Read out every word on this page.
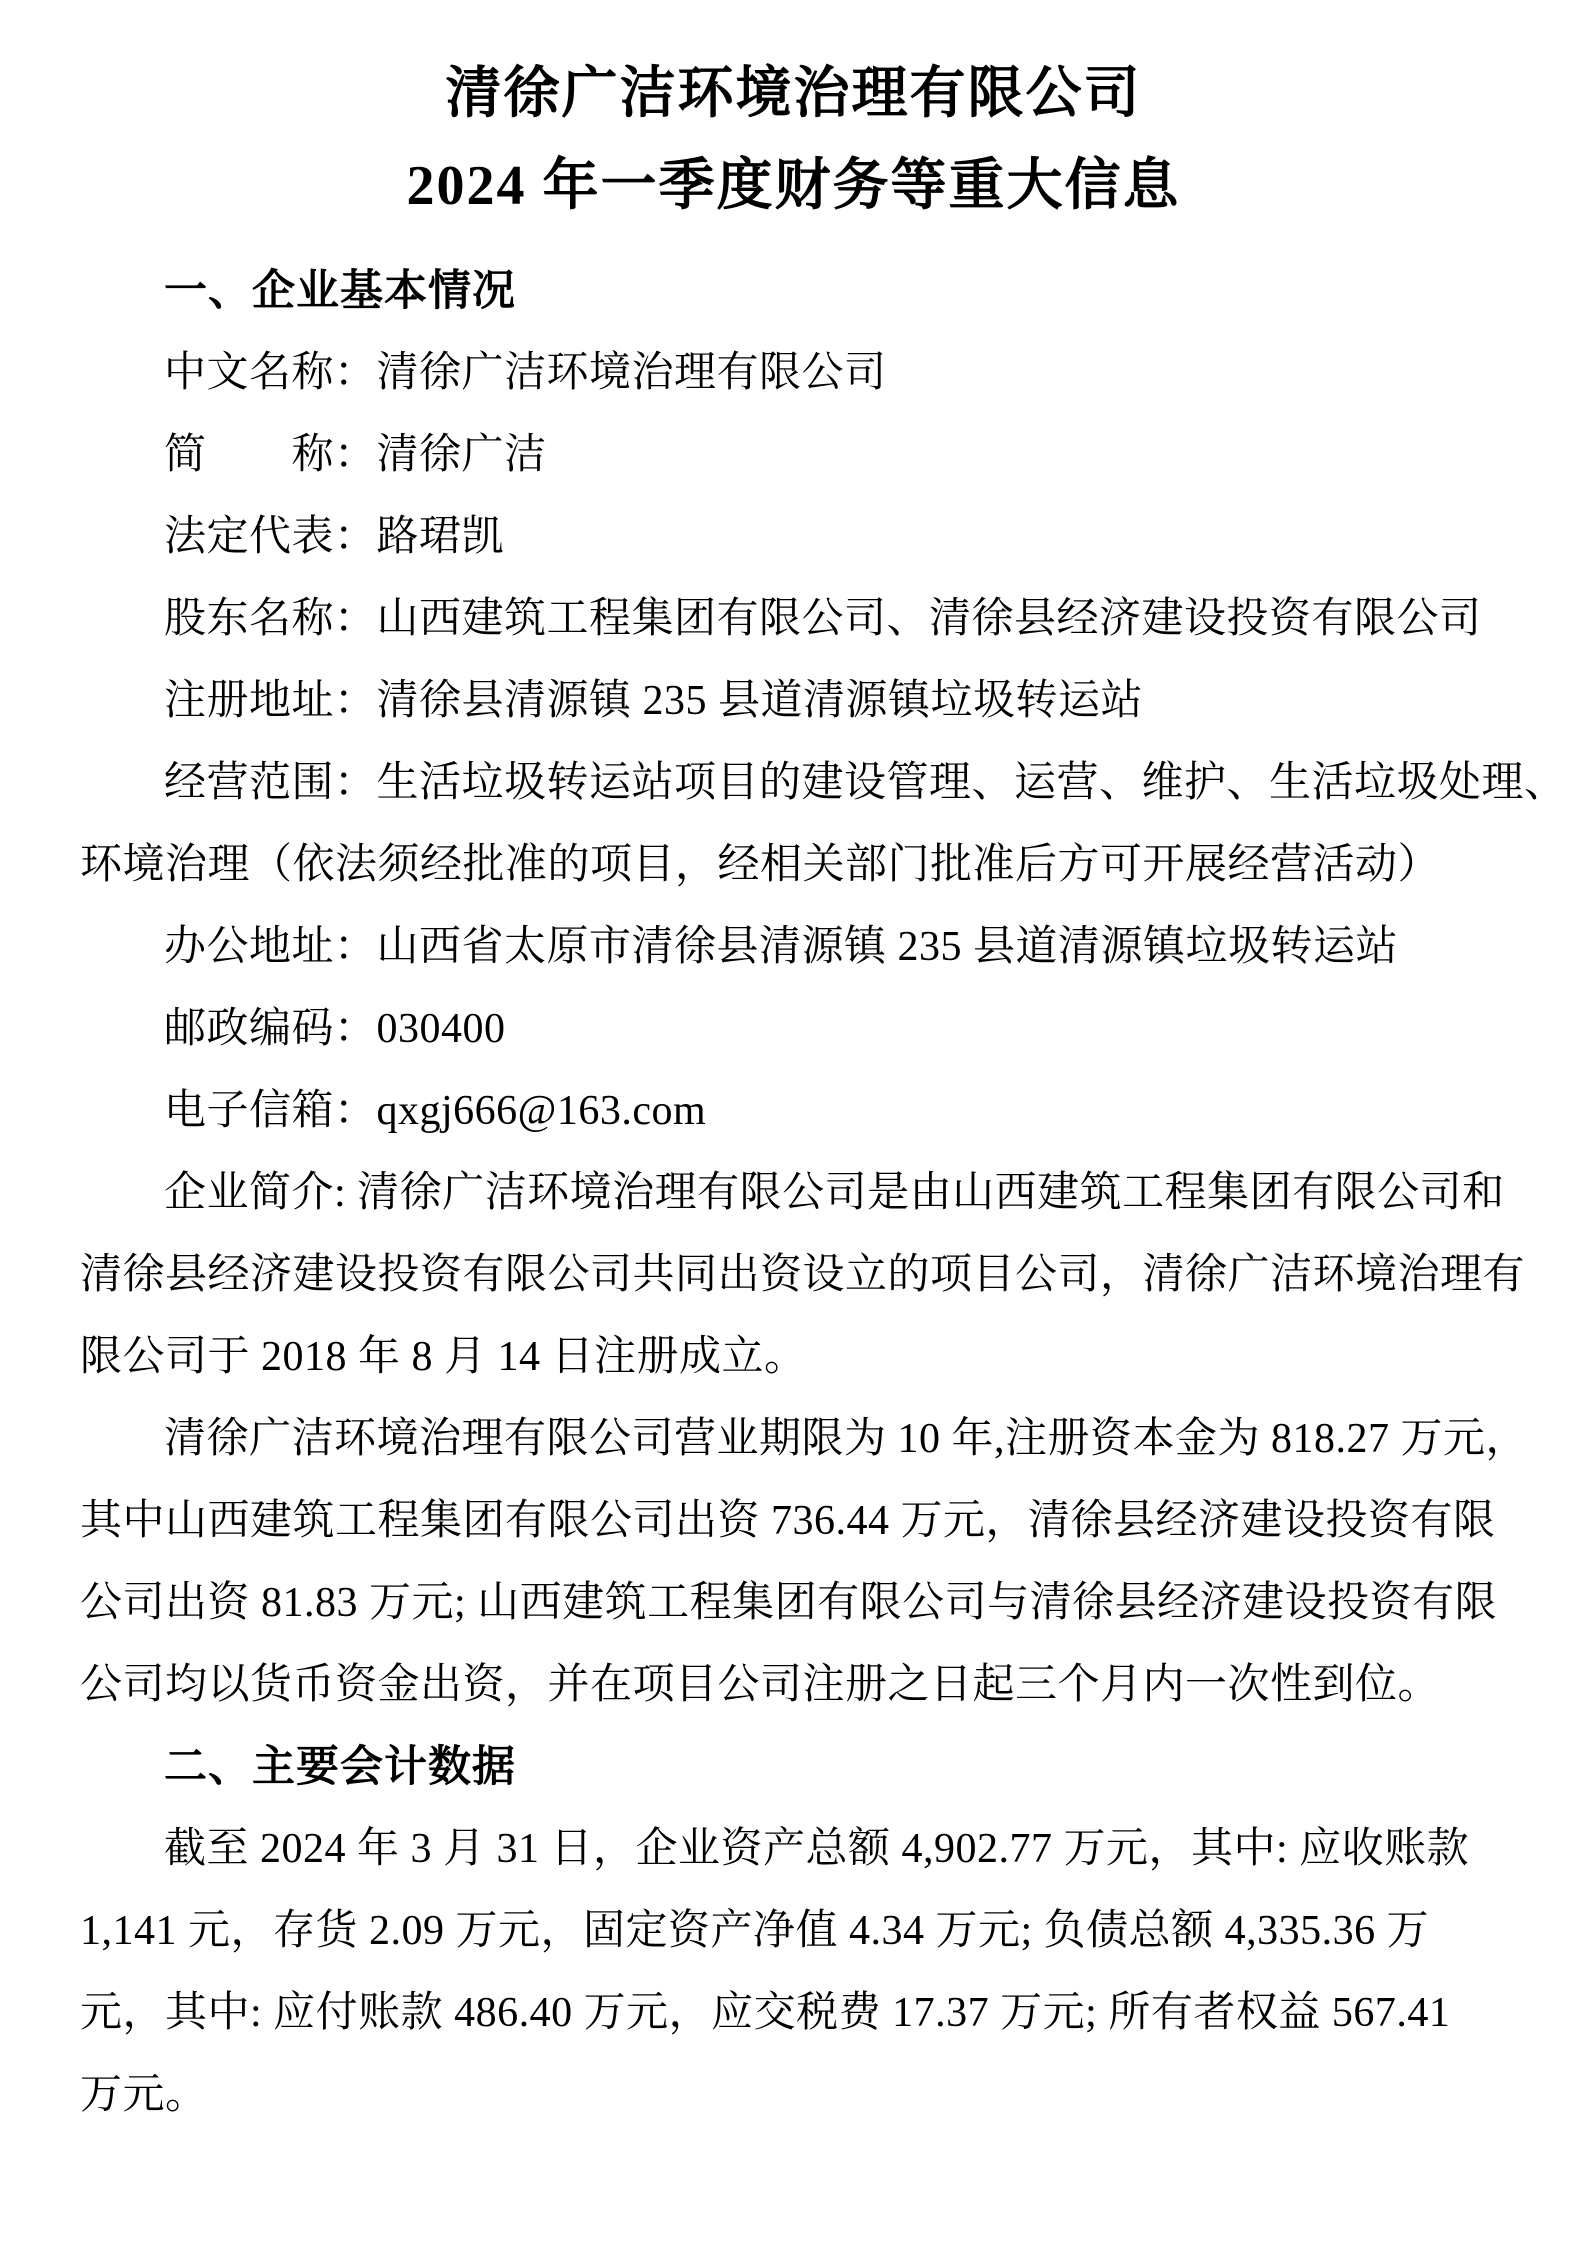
清徐广洁环境治理有限公司
2024 年一季度财务等重大信息
一、企业基本情况
中文名称：清徐广洁环境治理有限公司
简　　称：清徐广洁
法定代表：路珺凯
股东名称：山西建筑工程集团有限公司、清徐县经济建设投资有限公司
注册地址：清徐县清源镇 235 县道清源镇垃圾转运站
经营范围：生活垃圾转运站项目的建设管理、运营、维护、生活垃圾处理、
环境治理（依法须经批准的项目，经相关部门批准后方可开展经营活动）
办公地址：山西省太原市清徐县清源镇 235 县道清源镇垃圾转运站
邮政编码：030400
电子信箱：qxgj666@163.com
企业简介: 清徐广洁环境治理有限公司是由山西建筑工程集团有限公司和
清徐县经济建设投资有限公司共同出资设立的项目公司，清徐广洁环境治理有
限公司于 2018 年 8 月 14 日注册成立。
清徐广洁环境治理有限公司营业期限为 10 年,注册资本金为 818.27 万元，
其中山西建筑工程集团有限公司出资 736.44 万元，清徐县经济建设投资有限
公司出资 81.83 万元; 山西建筑工程集团有限公司与清徐县经济建设投资有限
公司均以货币资金出资，并在项目公司注册之日起三个月内一次性到位。
二、主要会计数据
截至 2024 年 3 月 31 日，企业资产总额 4,902.77 万元，其中: 应收账款
1,141 元，存货 2.09 万元，固定资产净值 4.34 万元; 负债总额 4,335.36 万
元，其中: 应付账款 486.40 万元，应交税费 17.37 万元; 所有者权益 567.41
万元。
